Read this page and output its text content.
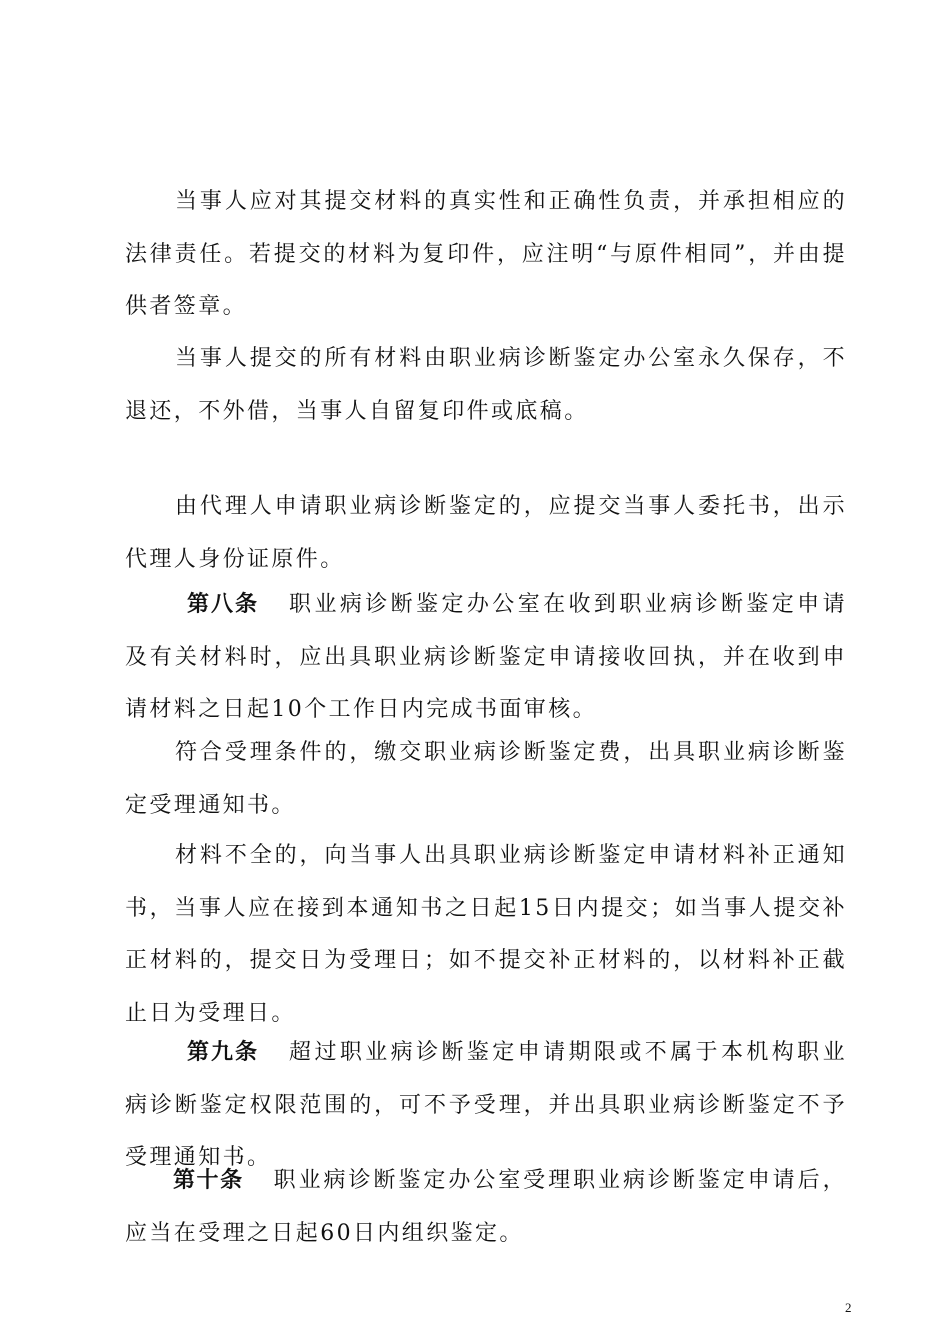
当事人应对其提交材料的真实性和正确性负责，并承担相应的法律责任。若提交的材料为复印件，应注明“与原件相同”，并由提供者签章。

当事人提交的所有材料由职业病诊断鉴定办公室永久保存，不退还，不外借，当事人自留复印件或底稿。

由代理人申请职业病诊断鉴定的，应提交当事人委托书，出示代理人身份证原件。

第八条 职业病诊断鉴定办公室在收到职业病诊断鉴定申请及有关材料时，应出具职业病诊断鉴定申请接收回执，并在收到申请材料之日起10个工作日内完成书面审核。

符合受理条件的，缴交职业病诊断鉴定费，出具职业病诊断鉴定受理通知书。

材料不全的，向当事人出具职业病诊断鉴定申请材料补正通知书，当事人应在接到本通知书之日起15日内提交；如当事人提交补正材料的，提交日为受理日；如不提交补正材料的，以材料补正截止日为受理日。

第九条 超过职业病诊断鉴定申请期限或不属于本机构职业病诊断鉴定权限范围的，可不予受理，并出具职业病诊断鉴定不予受理通知书。

第十条 职业病诊断鉴定办公室受理职业病诊断鉴定申请后，应当在受理之日起60日内组织鉴定。

2
